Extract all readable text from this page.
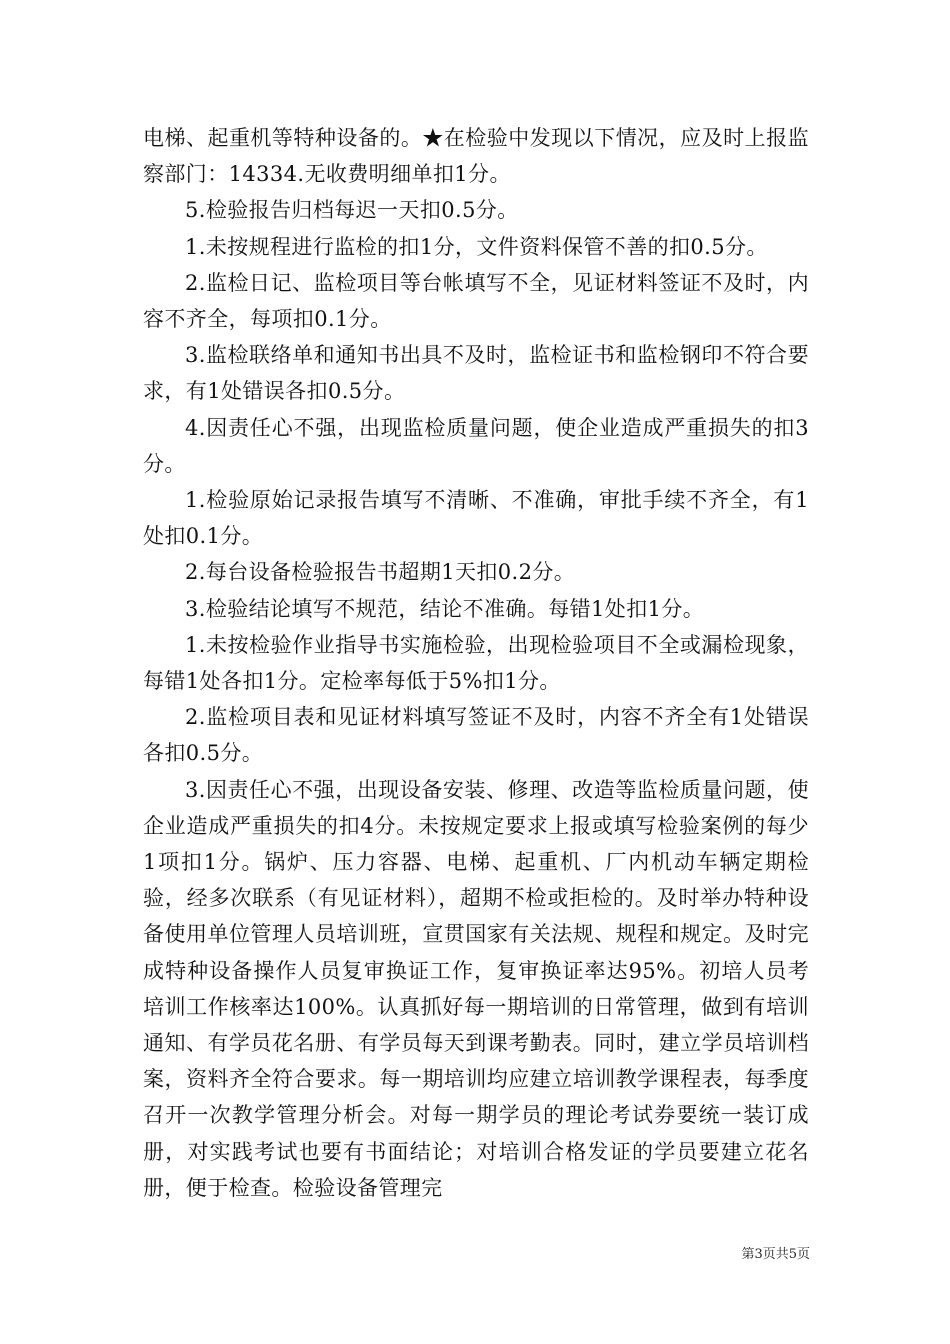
电梯、起重机等特种设备的。★在检验中发现以下情况，应及时上报监察部门：14334.无收费明细单扣1分。

5.检验报告归档每迟一天扣0.5分。

1.未按规程进行监检的扣1分，文件资料保管不善的扣0.5分。

2.监检日记、监检项目等台帐填写不全，见证材料签证不及时，内容不齐全，每项扣0.1分。

3.监检联络单和通知书出具不及时，监检证书和监检钢印不符合要求，有1处错误各扣0.5分。

4.因责任心不强，出现监检质量问题，使企业造成严重损失的扣3分。

1.检验原始记录报告填写不清晰、不准确，审批手续不齐全，有1处扣0.1分。

2.每台设备检验报告书超期1天扣0.2分。

3.检验结论填写不规范，结论不准确。每错1处扣1分。

1.未按检验作业指导书实施检验，出现检验项目不全或漏检现象，每错1处各扣1分。定检率每低于5%扣1分。

2.监检项目表和见证材料填写签证不及时，内容不齐全有1处错误各扣0.5分。

3.因责任心不强，出现设备安装、修理、改造等监检质量问题，使企业造成严重损失的扣4分。未按规定要求上报或填写检验案例的每少1项扣1分。锅炉、压力容器、电梯、起重机、厂内机动车辆定期检验，经多次联系（有见证材料），超期不检或拒检的。及时举办特种设备使用单位管理人员培训班，宣贯国家有关法规、规程和规定。及时完成特种设备操作人员复审换证工作，复审换证率达95%。初培人员考培训工作核率达100%。认真抓好每一期培训的日常管理，做到有培训通知、有学员花名册、有学员每天到课考勤表。同时，建立学员培训档案，资料齐全符合要求。每一期培训均应建立培训教学课程表，每季度召开一次教学管理分析会。对每一期学员的理论考试券要统一装订成册，对实践考试也要有书面结论；对培训合格发证的学员要建立花名册，便于检查。检验设备管理完

第3页共5页
